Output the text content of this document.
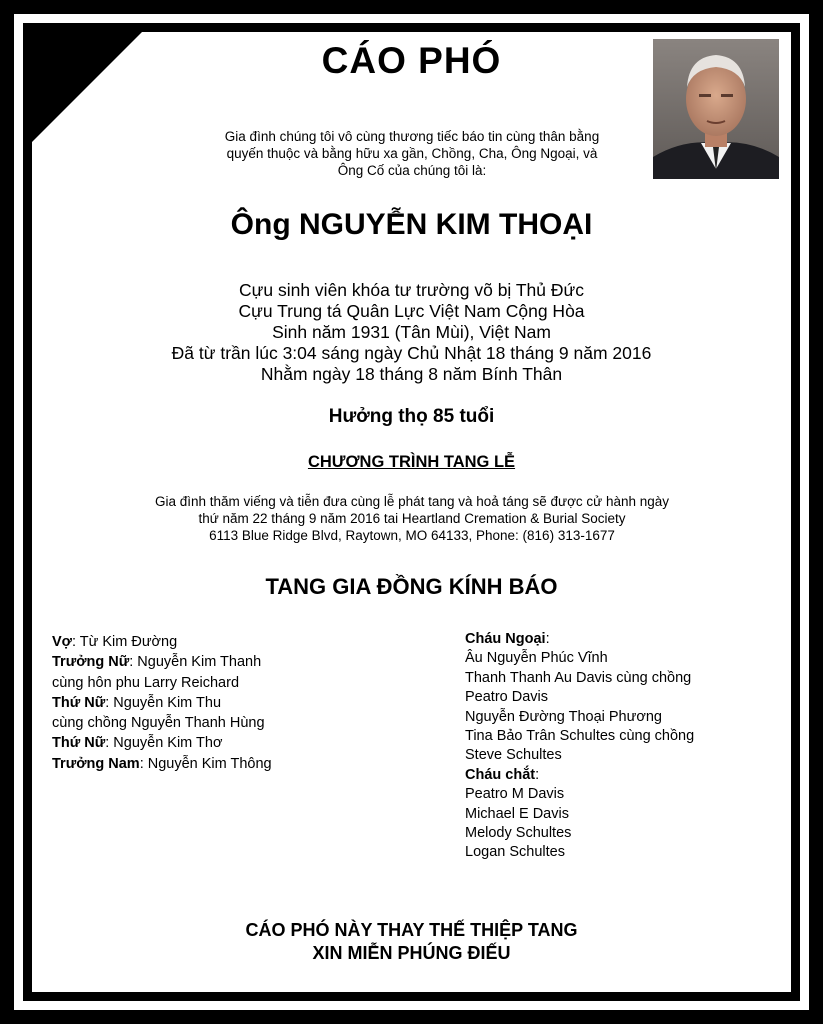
CÁO PHÓ
Gia đình chúng tôi vô cùng thương tiếc báo tin cùng thân bằng
quyến thuộc và bằng hữu xa gần, Chồng, Cha, Ông Ngoại, và
Ông Cố của chúng tôi là:
Ông NGUYỄN KIM THOẠI
Cựu sinh viên khóa tư trường võ bị Thủ Đức
Cựu Trung tá Quân Lực Việt Nam Cộng Hòa
Sinh năm 1931 (Tân Mùi), Việt Nam
Đã từ trần lúc 3:04 sáng ngày Chủ Nhật 18 tháng 9 năm 2016
Nhằm ngày 18 tháng 8 năm Bính Thân
Hưởng thọ 85 tuổi
CHƯƠNG TRÌNH TANG LỄ
Gia đình thăm viếng và tiễn đưa cùng lễ phát tang và hoả táng sẽ được cử hành ngày
thứ năm 22 tháng 9 năm 2016 tai Heartland Cremation & Burial Society
6113 Blue Ridge Blvd, Raytown, MO 64133, Phone: (816) 313-1677
TANG GIA ĐỒNG KÍNH BÁO
Vợ: Từ Kim Đường
Trưởng Nữ: Nguyễn Kim Thanh
cùng hôn phu Larry Reichard
Thứ Nữ: Nguyễn Kim Thu
cùng chồng Nguyễn Thanh Hùng
Thứ Nữ: Nguyễn Kim Thơ
Trưởng Nam: Nguyễn Kim Thông
Cháu Ngoại:
Âu Nguyễn Phúc Vĩnh
Thanh Thanh Au Davis cùng chồng
Peatro Davis
Nguyễn Đường Thoại Phương
Tina Bảo Trân Schultes cùng chồng
Steve Schultes
Cháu chắt:
Peatro M Davis
Michael E Davis
Melody Schultes
Logan Schultes
CÁO PHÓ NÀY THAY THẾ THIỆP TANG
XIN MIỄN PHÚNG ĐIẾU
